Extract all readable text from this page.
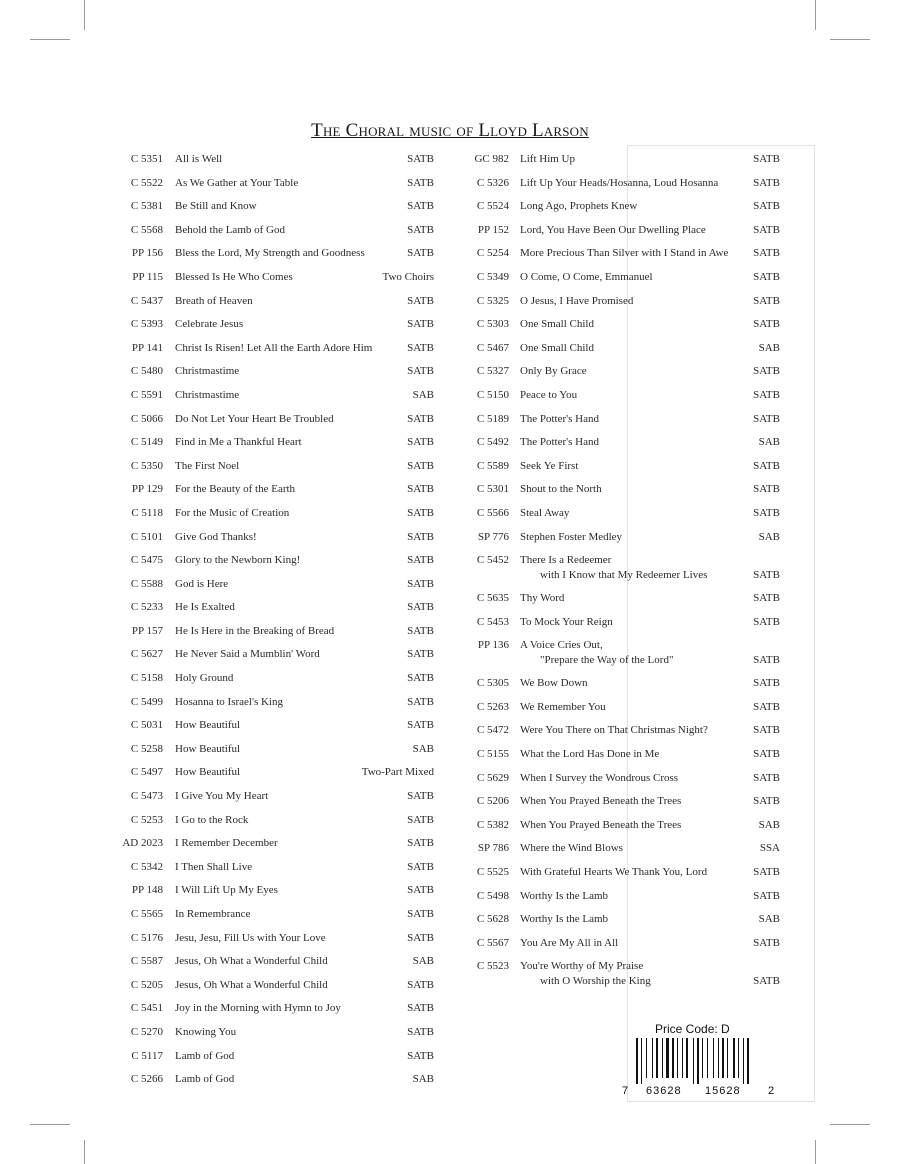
The Choral music of Lloyd Larson
C 5351 All is Well	SATB
C 5522 As We Gather at Your Table	SATB
C 5381 Be Still and Know	SATB
C 5568 Behold the Lamb of God	SATB
PP 156 Bless the Lord, My Strength and Goodness	SATB
PP 115 Blessed Is He Who Comes	Two Choirs
C 5437 Breath of Heaven	SATB
C 5393 Celebrate Jesus	SATB
PP 141 Christ Is Risen! Let All the Earth Adore Him	SATB
C 5480 Christmastime	SATB
C 5591 Christmastime	SAB
C 5066 Do Not Let Your Heart Be Troubled	SATB
C 5149 Find in Me a Thankful Heart	SATB
C 5350 The First Noel	SATB
PP 129 For the Beauty of the Earth	SATB
C 5118 For the Music of Creation	SATB
C 5101 Give God Thanks!	SATB
C 5475 Glory to the Newborn King!	SATB
C 5588 God is Here	SATB
C 5233 He Is Exalted	SATB
PP 157 He Is Here in the Breaking of Bread	SATB
C 5627 He Never Said a Mumblin' Word	SATB
C 5158 Holy Ground	SATB
C 5499 Hosanna to Israel's King	SATB
C 5031 How Beautiful	SATB
C 5258 How Beautiful	SAB
C 5497 How Beautiful	Two-Part Mixed
C 5473 I Give You My Heart	SATB
C 5253 I Go to the Rock	SATB
AD 2023 I Remember December	SATB
C 5342 I Then Shall Live	SATB
PP 148 I Will Lift Up My Eyes	SATB
C 5565 In Remembrance	SATB
C 5176 Jesu, Jesu, Fill Us with Your Love	SATB
C 5587 Jesus, Oh What a Wonderful Child	SAB
C 5205 Jesus, Oh What a Wonderful Child	SATB
C 5451 Joy in the Morning with Hymn to Joy	SATB
C 5270 Knowing You	SATB
C 5117 Lamb of God	SATB
C 5266 Lamb of God	SAB
GC 982 Lift Him Up	SATB
C 5326 Lift Up Your Heads/Hosanna, Loud Hosanna	SATB
C 5524 Long Ago, Prophets Knew	SATB
PP 152 Lord, You Have Been Our Dwelling Place	SATB
C 5254 More Precious Than Silver with I Stand in Awe SATB
C 5349 O Come, O Come, Emmanuel	SATB
C 5325 O Jesus, I Have Promised	SATB
C 5303 One Small Child	SATB
C 5467 One Small Child	SAB
C 5327 Only By Grace	SATB
C 5150 Peace to You	SATB
C 5189 The Potter's Hand	SATB
C 5492 The Potter's Hand	SAB
C 5589 Seek Ye First	SATB
C 5301 Shout to the North	SATB
C 5566 Steal Away	SATB
SP 776 Stephen Foster Medley	SAB
C 5452 There Is a Redeemer
with I Know that My Redeemer Lives	SATB
C 5635 Thy Word	SATB
C 5453 To Mock Your Reign	SATB
PP 136 A Voice Cries Out,
"Prepare the Way of the Lord"	SATB
C 5305 We Bow Down	SATB
C 5263 We Remember You	SATB
C 5472 Were You There on That Christmas Night?	SATB
C 5155 What the Lord Has Done in Me	SATB
C 5629 When I Survey the Wondrous Cross	SATB
C 5206 When You Prayed Beneath the Trees	SATB
C 5382 When You Prayed Beneath the Trees	SAB
SP 786 Where the Wind Blows	SSA
C 5525 With Grateful Hearts We Thank You, Lord	SATB
C 5498 Worthy Is the Lamb	SATB
C 5628 Worthy Is the Lamb	SAB
C 5567 You Are My All in All	SATB
C 5523 You're Worthy of My Praise
with O Worship the King	SATB
Price Code: D
7 63628 15628 2
